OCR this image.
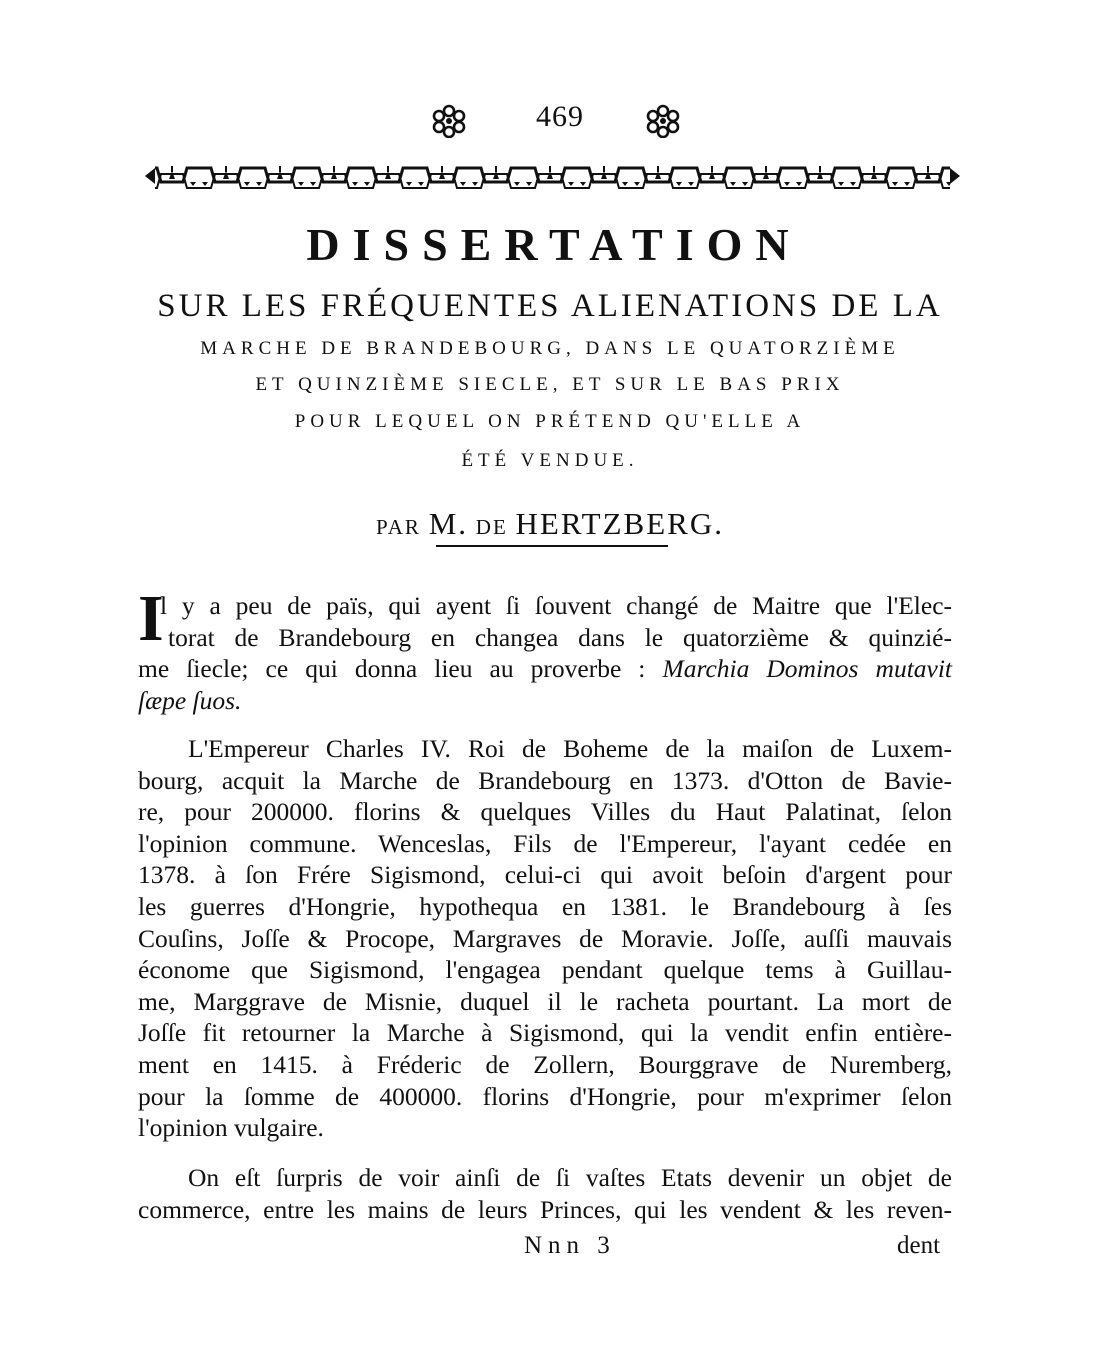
469
DISSERTATION
SUR LES FRÉQUENTES ALIENATIONS DE LA
MARCHE DE BRANDEBOURG, DANS LE QUATORZIÈME
ET QUINZIÈME SIECLE, ET SUR LE BAS PRIX
POUR LEQUEL ON PRÉTEND QU'ELLE A
ÉTÉ VENDUE.
PAR M. DE HERTZBERG.
I
l y a peu de païs, qui ayent ſi ſouvent changé de Maitre que l'Elec-
torat de Brandebourg en changea dans le quatorzième & quinzié-
me ſiecle; ce qui donna lieu au proverbe : Marchia Dominos mutavit
ſæpe ſuos.
L'Empereur Charles IV. Roi de Boheme de la maiſon de Luxem-
bourg, acquit la Marche de Brandebourg en 1373. d'Otton de Bavie-
re, pour 200000. florins & quelques Villes du Haut Palatinat, ſelon
l'opinion commune. Wenceslas, Fils de l'Empereur, l'ayant cedée en
1378. à ſon Frére Sigismond, celui-ci qui avoit beſoin d'argent pour
les guerres d'Hongrie, hypothequa en 1381. le Brandebourg à ſes
Couſins, Joſſe & Procope, Margraves de Moravie. Joſſe, auſſi mauvais
économe que Sigismond, l'engagea pendant quelque tems à Guillau-
me, Marggrave de Misnie, duquel il le racheta pourtant. La mort de
Joſſe fit retourner la Marche à Sigismond, qui la vendit enfin entière-
ment en 1415. à Fréderic de Zollern, Bourggrave de Nuremberg,
pour la ſomme de 400000. florins d'Hongrie, pour m'exprimer ſelon
l'opinion vulgaire.
On eſt ſurpris de voir ainſi de ſi vaſtes Etats devenir un objet de
commerce, entre les mains de leurs Princes, qui les vendent & les reven-
Nnn 3	dent
